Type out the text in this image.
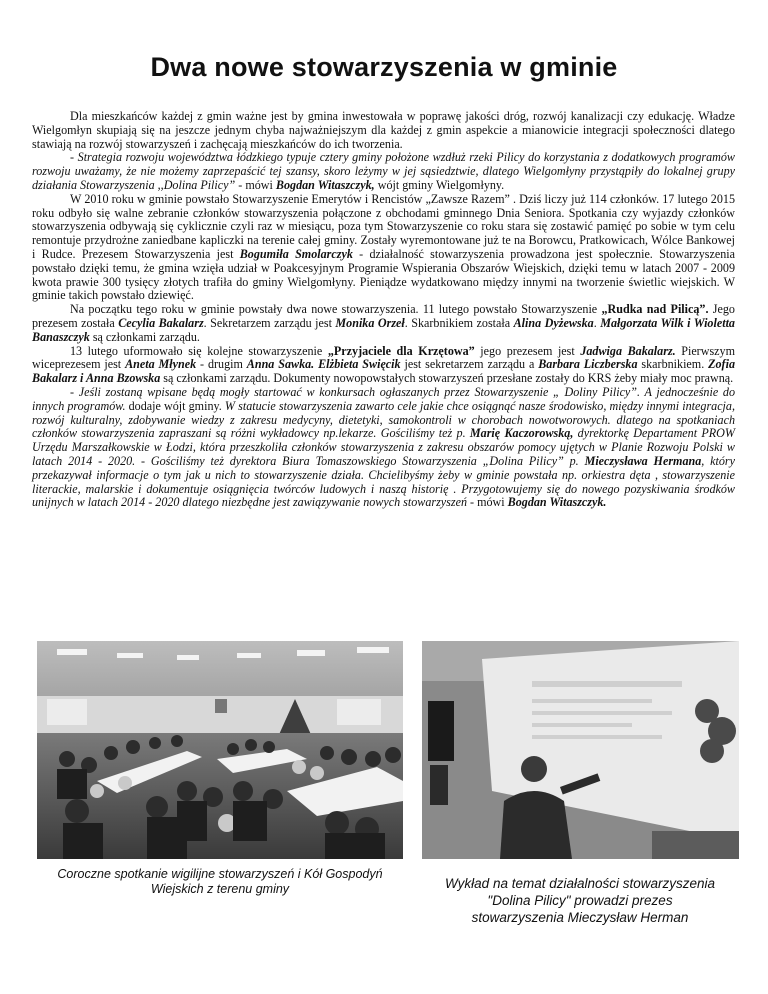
Dwa nowe stowarzyszenia w gminie

Dla mieszkańców każdej z gmin ważne jest by gmina inwestowała w poprawę jakości dróg, rozwój kanalizacji czy edukację. Władze Wielgomłyn skupiają się na jeszcze jednym chyba najważniejszym dla każdej z gmin aspekcie a mianowicie integracji społeczności dlatego stawiają na rozwój stowarzyszeń i zachęcają mieszkańców do ich tworzenia.

- Strategia rozwoju województwa łódzkiego typuje cztery gminy położone wzdłuż rzeki Pilicy do korzystania z dodatkowych programów rozwoju uważamy, że nie możemy zaprzepaścić tej szansy, skoro leżymy w jej sąsiedztwie, dlatego Wielgomłyny przystąpiły do lokalnej grupy działania Stowarzyszenia ,,Dolina Pilicy” - mówi Bogdan Witaszczyk, wójt gminy Wielgomłyny.

W 2010 roku w gminie powstało Stowarzyszenie Emerytów i Rencistów „Zawsze Razem” . Dziś liczy już 114 członków. 17 lutego 2015 roku odbyło się walne zebranie członków stowarzyszenia połączone z obchodami gminnego Dnia Seniora. Spotkania czy wyjazdy członków stowarzyszenia odbywają się cyklicznie czyli raz w miesiącu, poza tym Stowarzyszenie co roku stara się zostawić pamięć po sobie w tym celu remontuje przydrożne zaniedbane kapliczki na terenie całej gminy. Zostały wyremontowane już te na Borowcu, Pratkowicach, Wólce Bankowej i Rudce. Prezesem Stowarzyszenia jest Bogumiła Smolarczyk - działalność stowarzyszenia prowadzona jest społecznie. Stowarzyszenia powstało dzięki temu, że gmina wzięła udział w Poakcesyjnym Programie Wspierania Obszarów Wiejskich, dzięki temu w latach 2007 - 2009 kwota prawie 300 tysięcy złotych trafiła do gminy Wielgomłyny. Pieniądze wydatkowano między innymi na tworzenie świetlic wiejskich. W gminie takich powstało dziewięć.

Na początku tego roku w gminie powstały dwa nowe stowarzyszenia. 11 lutego powstało Stowarzyszenie „Rudka nad Pilicą”. Jego prezesem została Cecylia Bakalarz. Sekretarzem zarządu jest Monika Orzeł. Skarbnikiem została Alina Dyżewska. Małgorzata Wilk i Wioletta Banaszczyk są członkami zarządu.

13 lutego uformowało się kolejne stowarzyszenie „Przyjaciele dla Krzętowa” jego prezesem jest Jadwiga Bakalarz. Pierwszym wiceprezesem jest Aneta Młynek - drugim Anna Sawka. Elżbieta Swięcik jest sekretarzem zarządu a Barbara Liczberska skarbnikiem. Zofia Bakalarz i Anna Bzowska są członkami zarządu. Dokumenty nowopowstałych stowarzyszeń przesłane zostały do KRS żeby miały moc prawną.

- Jeśli zostaną wpisane będą mogły startować w konkursach ogłaszanych przez Stowarzyszenie „ Doliny Pilicy”. A jednocześnie do innych programów. dodaje wójt gminy. W statucie stowarzyszenia zawarto cele jakie chce osiągnąć nasze środowisko, między innymi integracja, rozwój kulturalny, zdobywanie wiedzy z zakresu medycyny, dietetyki, samokontroli w chorobach nowotworowych. dlatego na spotkaniach członków stowarzyszenia zapraszani są różni wykładowcy np.lekarze. Gościliśmy też p. Marię Kaczorowską, dyrektorkę Departament PROW Urzędu Marszałkowskie w Łodzi, która przeszkoliła członków stowarzyszenia z zakresu obszarów pomocy ujętych w Planie Rozwoju Polski w latach 2014 - 2020. - Gościliśmy też dyrektora Biura Tomaszowskiego Stowarzyszenia „Dolina Pilicy” p. Mieczysława Hermana, który przekazywał informacje o tym jak u nich to stowarzyszenie działa. Chcielibyśmy żeby w gminie powstała np. orkiestra dęta , stowarzyszenie literackie, malarskie i dokumentuje osiągnięcia twórców ludowych i naszą historię . Przygotowujemy się do nowego pozyskiwania środków unijnych w latach 2014 - 2020 dlatego niezbędne jest zawiązywanie nowych stowarzyszeń - mówi Bogdan Witaszczyk.

Coroczne spotkanie wigilijne stowarzyszeń i Kół Gospodyń Wiejskich z terenu gminy	Wykład na temat działalności stowarzyszenia
"Dolina Pilicy" prowadzi prezes
stowarzyszenia Mieczysław Herman
